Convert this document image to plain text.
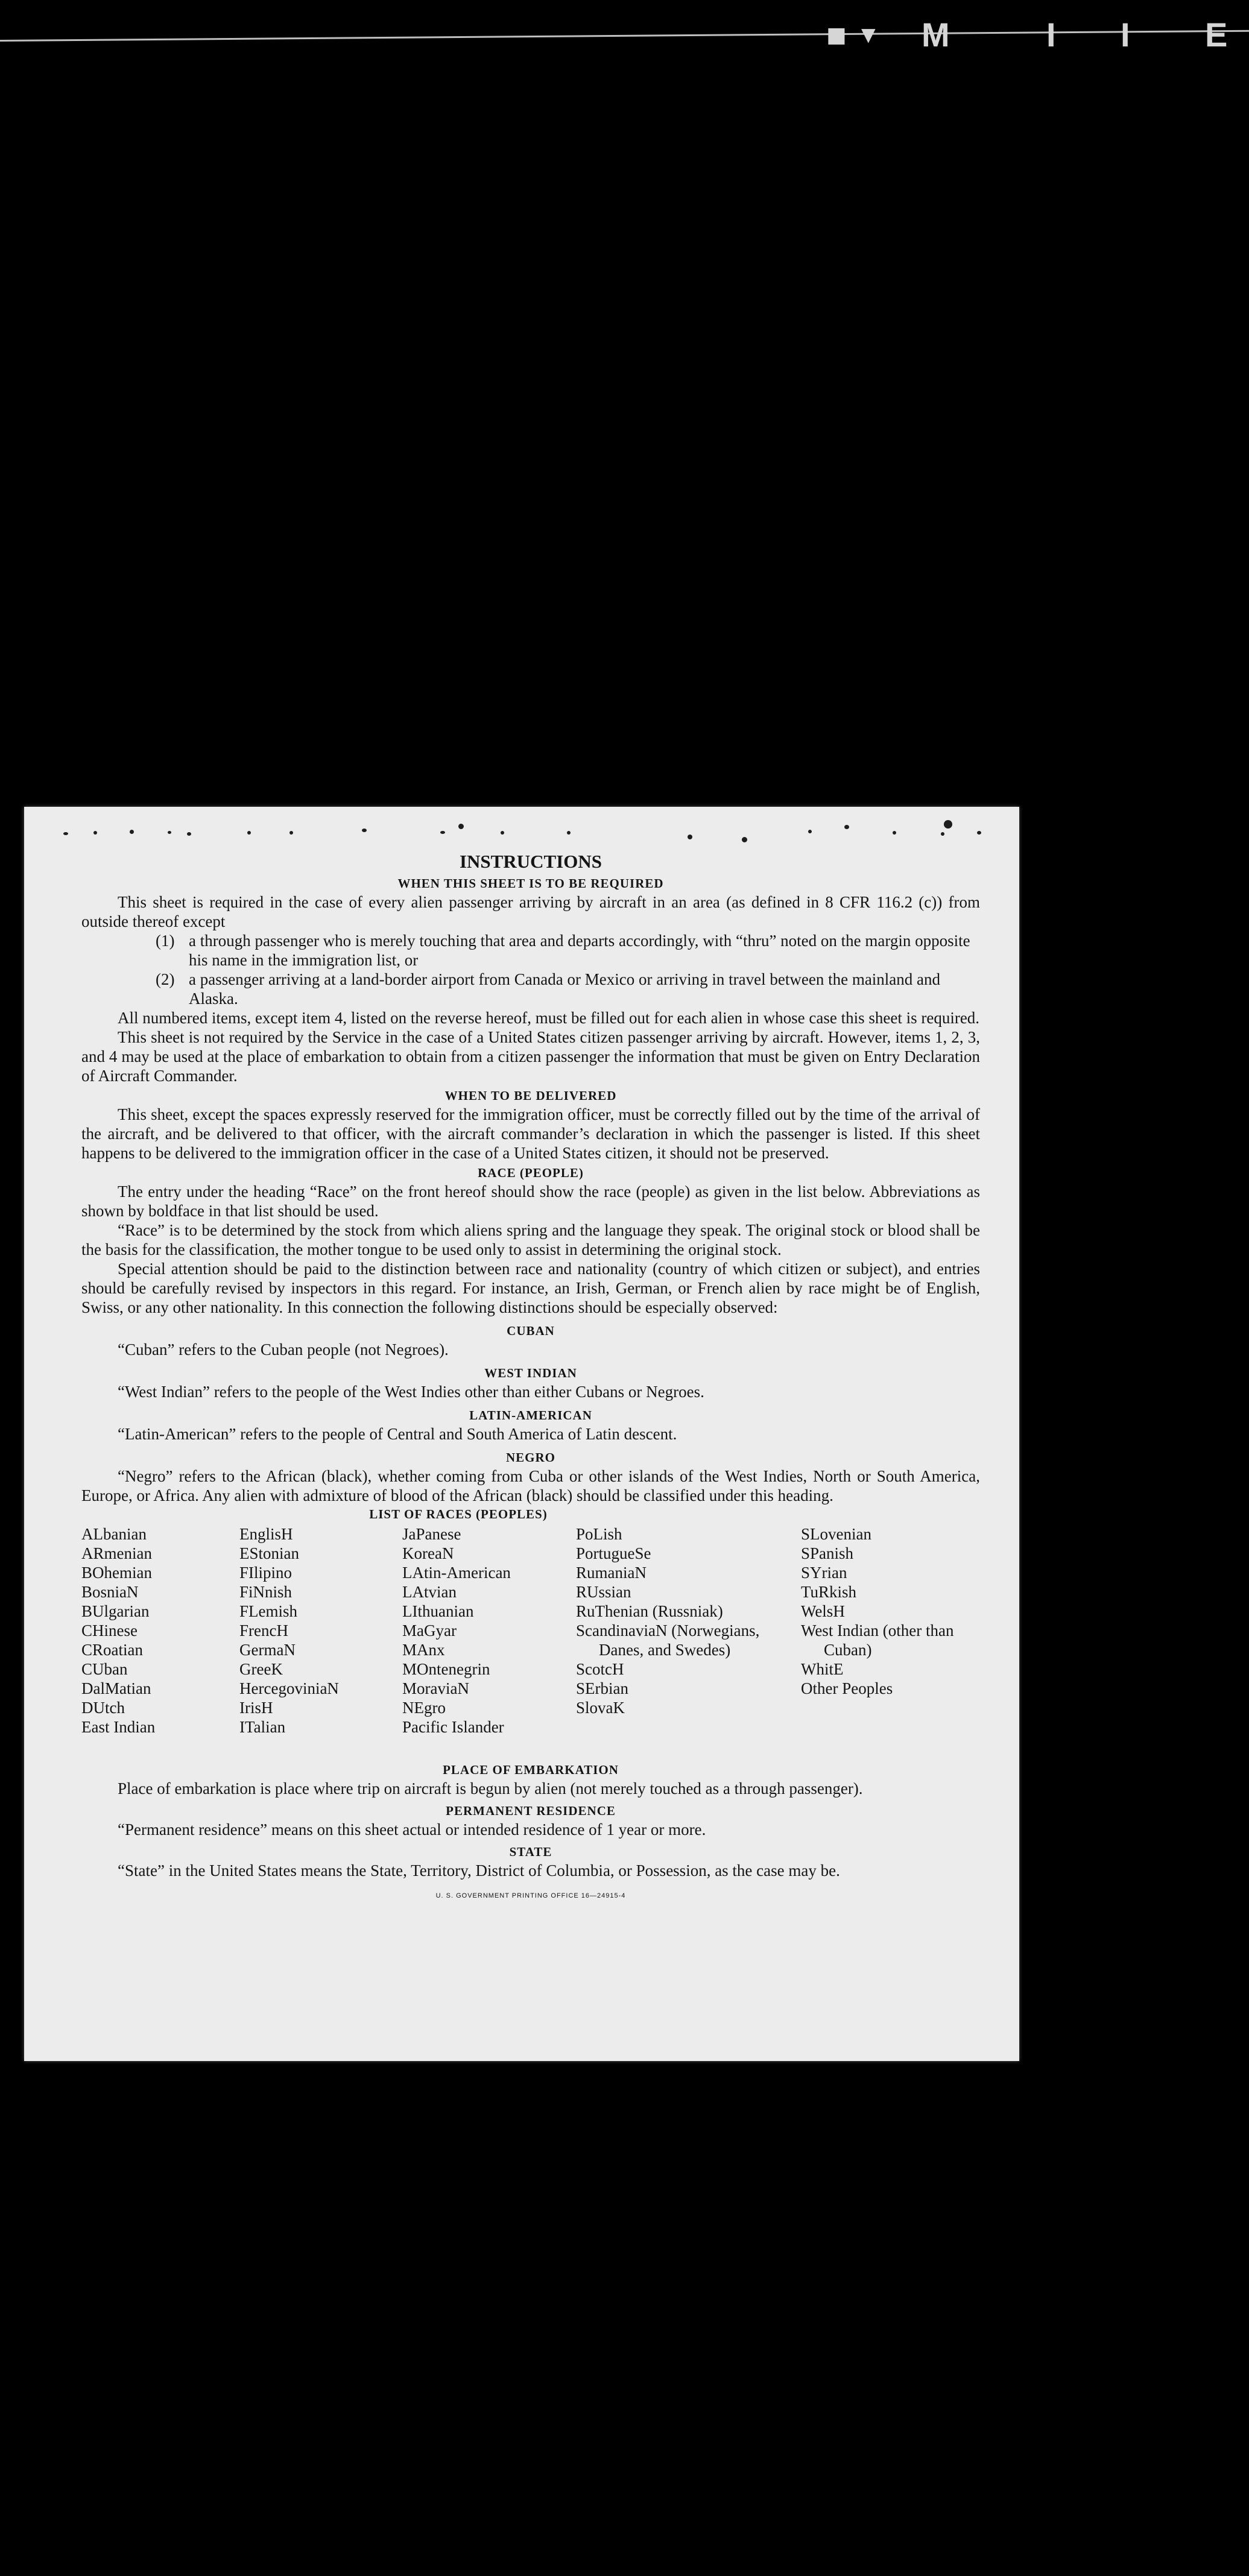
■ ▼ M	I I E
INSTRUCTIONS
WHEN THIS SHEET IS TO BE REQUIRED

This sheet is required in the case of every alien passenger arriving by aircraft in an area (as defined in 8 CFR 116.2 (c)) from outside thereof except

(1) a through passenger who is merely touching that area and departs accordingly, with “thru” noted on the margin opposite his name in the immigration list, or
(2) a passenger arriving at a land-border airport from Canada or Mexico or arriving in travel between the mainland and Alaska.

All numbered items, except item 4, listed on the reverse hereof, must be filled out for each alien in whose case this sheet is required.

This sheet is not required by the Service in the case of a United States citizen passenger arriving by aircraft. However, items 1, 2, 3, and 4 may be used at the place of embarkation to obtain from a citizen passenger the information that must be given on Entry Declaration of Aircraft Commander.

WHEN TO BE DELIVERED

This sheet, except the spaces expressly reserved for the immigration officer, must be correctly filled out by the time of the arrival of the aircraft, and be delivered to that officer, with the aircraft commander’s declaration in which the passenger is listed. If this sheet happens to be delivered to the immigration officer in the case of a United States citizen, it should not be preserved.

RACE (PEOPLE)

The entry under the heading “Race” on the front hereof should show the race (people) as given in the list below. Abbreviations as shown by boldface in that list should be used.

“Race” is to be determined by the stock from which aliens spring and the language they speak. The original stock or blood shall be the basis for the classification, the mother tongue to be used only to assist in determining the original stock.

Special attention should be paid to the distinction between race and nationality (country of which citizen or subject), and entries should be carefully revised by inspectors in this regard. For instance, an Irish, German, or French alien by race might be of English, Swiss, or any other nationality. In this connection the following distinctions should be especially observed:

CUBAN

“Cuban” refers to the Cuban people (not Negroes).

WEST INDIAN

“West Indian” refers to the people of the West Indies other than either Cubans or Negroes.

LATIN-AMERICAN

“Latin-American” refers to the people of Central and South America of Latin descent.

NEGRO

“Negro” refers to the African (black), whether coming from Cuba or other islands of the West Indies, North or South America, Europe, or Africa. Any alien with admixture of blood of the African (black) should be classified under this heading.

LIST OF RACES (PEOPLES)
ALbanian
ARmenian
BOhemian
BosniaN
BUlgarian
CHinese
CRoatian
CUban
DalMatian
DUtch
East Indian
EnglisH
EStonian
FIlipino
FiNnish
FLemish
FrencH
GermaN
GreeK
HercegoviniaN
IrisH
ITalian
JaPanese
KoreaN
LAtin-American
LAtvian
LIthuanian
MaGyar
MAnx
MOntenegrin
MoraviaN
NEgro
Pacific Islander
PoLish
PortugueSe
RumaniaN
RUssian
RuThenian (Russniak)
ScandinaviaN (Norwegians, Danes, and Swedes)
ScotcH
SErbian
SlovaK
SLovenian
SPanish
SYrian
TuRkish
WelsH
West Indian (other than Cuban)
WhitE
Other Peoples
PLACE OF EMBARKATION

Place of embarkation is place where trip on aircraft is begun by alien (not merely touched as a through passenger).

PERMANENT RESIDENCE

“Permanent residence” means on this sheet actual or intended residence of 1 year or more.

STATE

“State” in the United States means the State, Territory, District of Columbia, or Possession, as the case may be.

U. S. GOVERNMENT PRINTING OFFICE 16—24915-4
